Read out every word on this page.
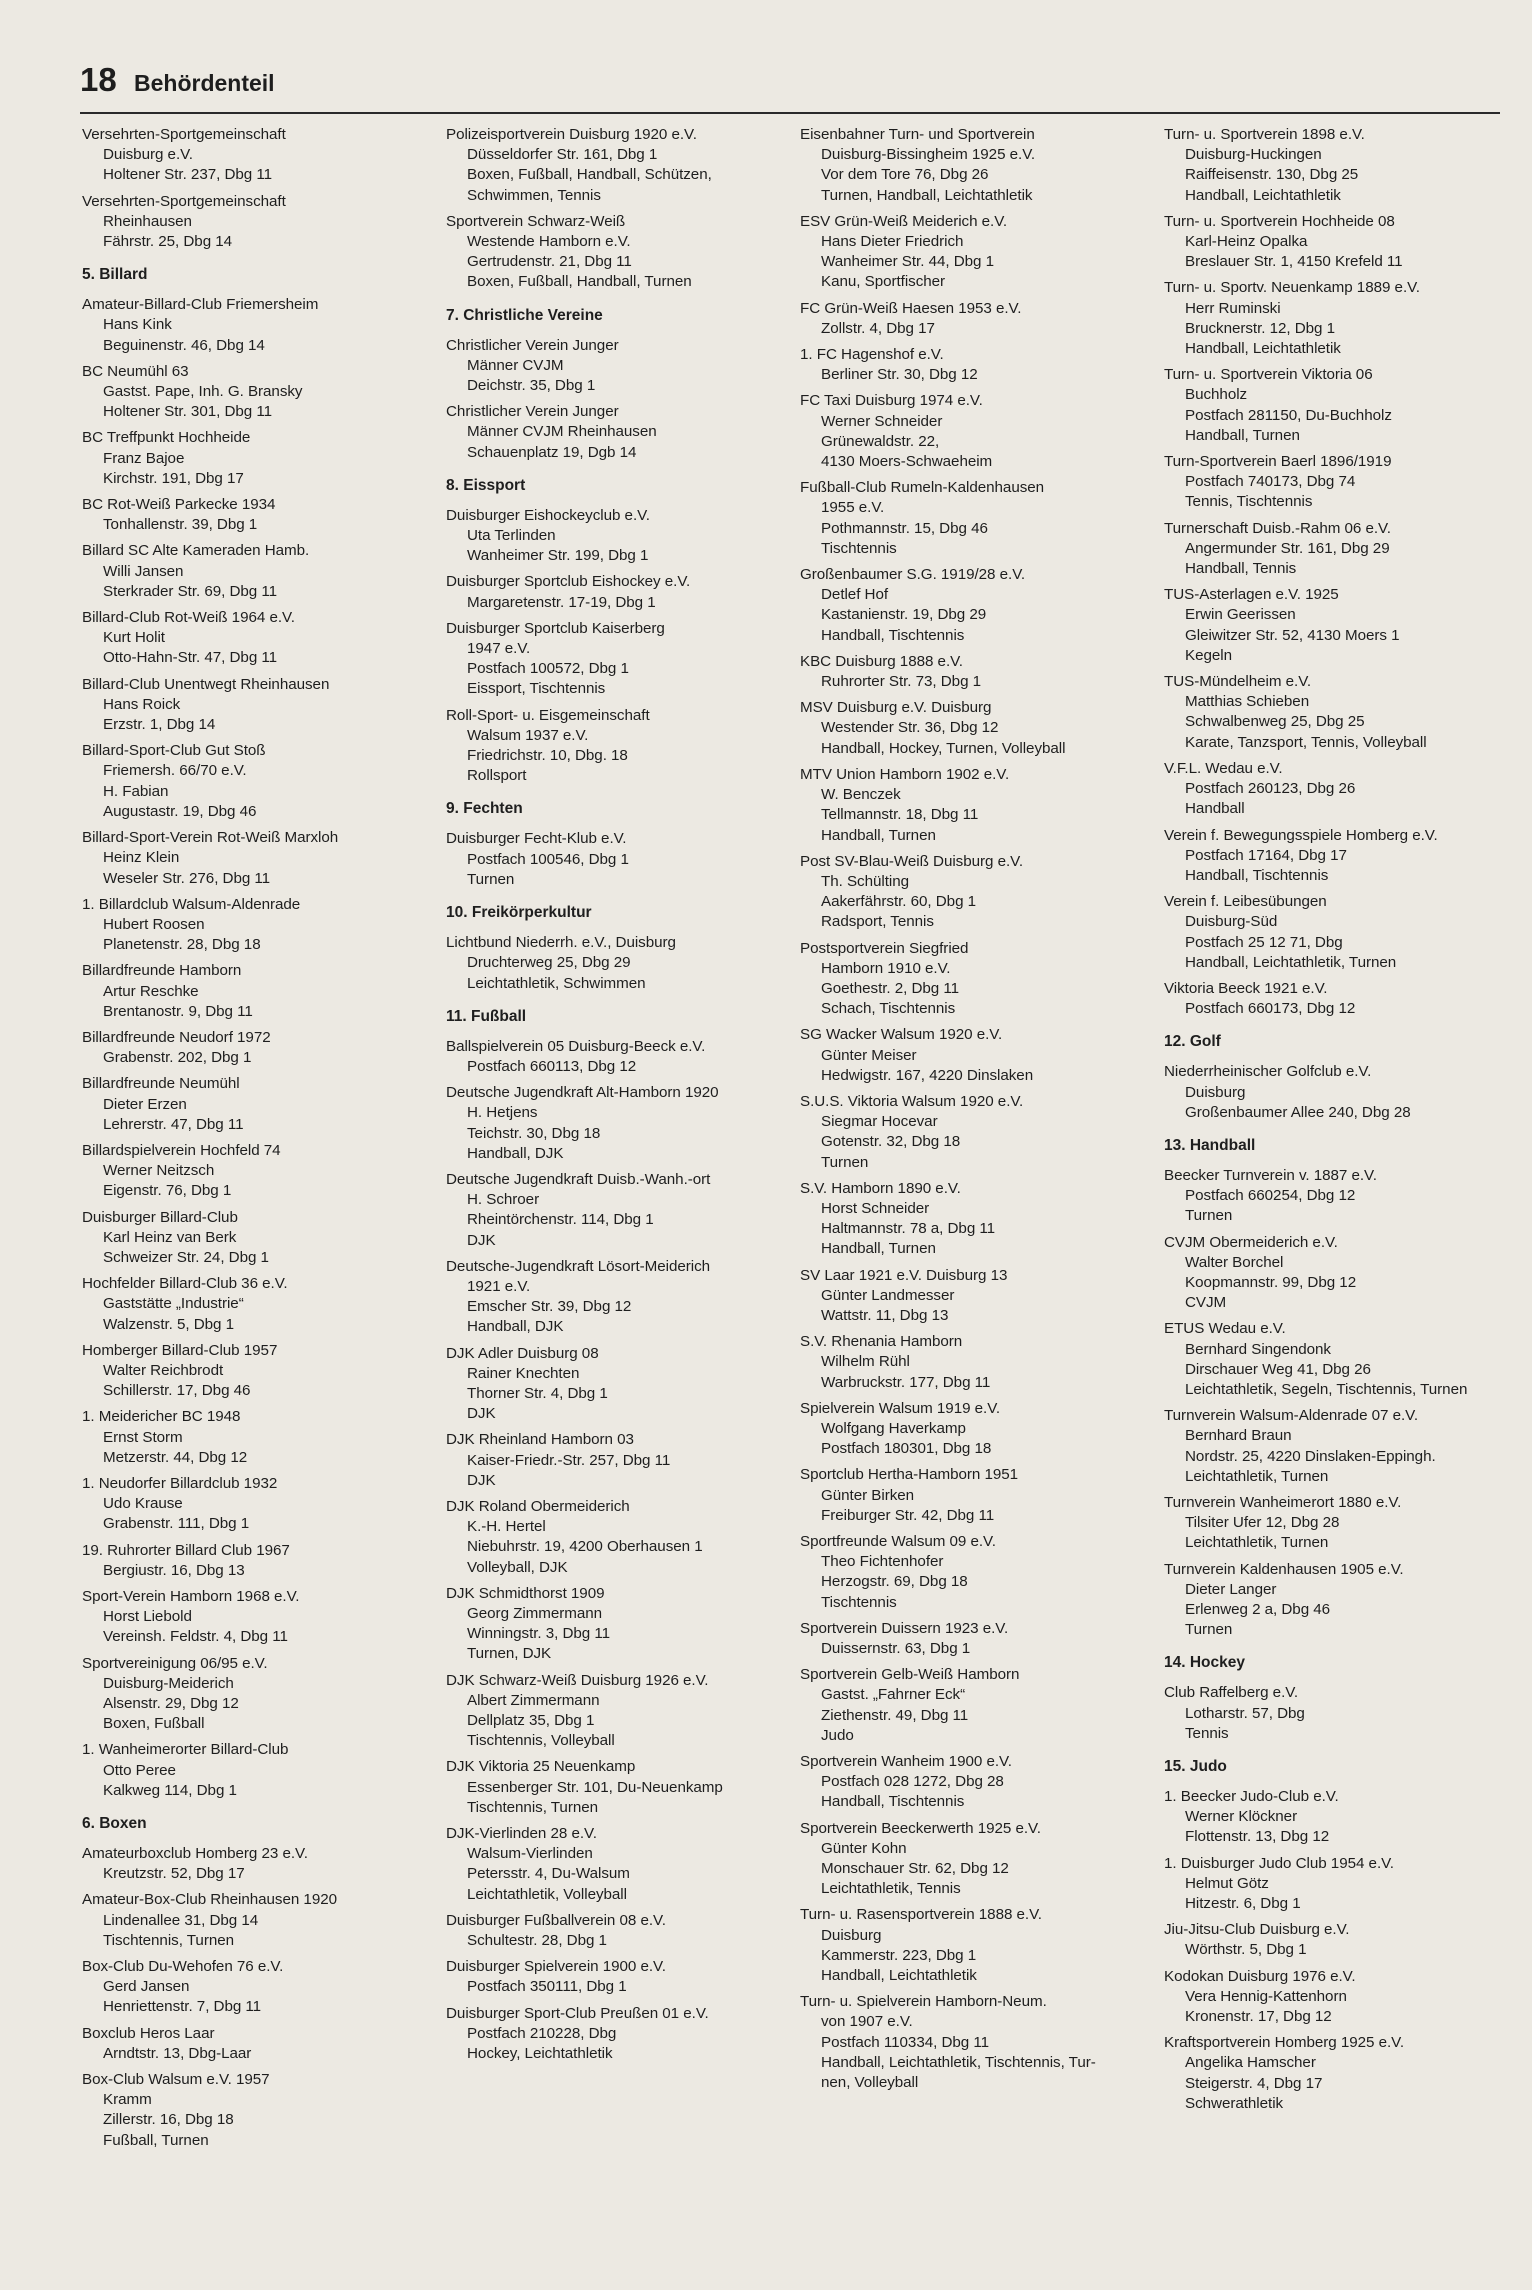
18 Behördenteil
Versehrten-Sportgemeinschaft
Duisburg e.V.
Holtener Str. 237, Dbg 11
Versehrten-Sportgemeinschaft
Rheinhausen
Fährstr. 25, Dbg 14
5. Billard
Amateur-Billard-Club Friemersheim
Hans Kink
Beguinenstr. 46, Dbg 14
BC Neumühl 63
Gastst. Pape, Inh. G. Bransky
Holtener Str. 301, Dbg 11
BC Treffpunkt Hochheide
Franz Bajoe
Kirchstr. 191, Dbg 17
BC Rot-Weiß Parkecke 1934
Tonhallenstr. 39, Dbg 1
Billard SC Alte Kameraden Hamb.
Willi Jansen
Sterkrader Str. 69, Dbg 11
Billard-Club Rot-Weiß 1964 e.V.
Kurt Holit
Otto-Hahn-Str. 47, Dbg 11
Billard-Club Unentwegt Rheinhausen
Hans Roick
Erzstr. 1, Dbg 14
Billard-Sport-Club Gut Stoß
Friemersh. 66/70 e.V.
H. Fabian
Augustastr. 19, Dbg 46
Billard-Sport-Verein Rot-Weiß Marxloh
Heinz Klein
Weseler Str. 276, Dbg 11
1. Billardclub Walsum-Aldenrade
Hubert Roosen
Planetenstr. 28, Dbg 18
Billardfreunde Hamborn
Artur Reschke
Brentanostr. 9, Dbg 11
Billardfreunde Neudorf 1972
Grabenstr. 202, Dbg 1
Billardfreunde Neumühl
Dieter Erzen
Lehrerstr. 47, Dbg 11
Billardspielverein Hochfeld 74
Werner Neitzsch
Eigenstr. 76, Dbg 1
Duisburger Billard-Club
Karl Heinz van Berk
Schweizer Str. 24, Dbg 1
Hochfelder Billard-Club 36 e.V.
Gaststätte „Industrie“
Walzenstr. 5, Dbg 1
Homberger Billard-Club 1957
Walter Reichbrodt
Schillerstr. 17, Dbg 46
1. Meidericher BC 1948
Ernst Storm
Metzerstr. 44, Dbg 12
1. Neudorfer Billardclub 1932
Udo Krause
Grabenstr. 111, Dbg 1
19. Ruhrorter Billard Club 1967
Bergiustr. 16, Dbg 13
Sport-Verein Hamborn 1968 e.V.
Horst Liebold
Vereinsh. Feldstr. 4, Dbg 11
Sportvereinigung 06/95 e.V.
Duisburg-Meiderich
Alsenstr. 29, Dbg 12
Boxen, Fußball
1. Wanheimerorter Billard-Club
Otto Peree
Kalkweg 114, Dbg 1
6. Boxen
Amateurboxclub Homberg 23 e.V.
Kreutzstr. 52, Dbg 17
Amateur-Box-Club Rheinhausen 1920
Lindenallee 31, Dbg 14
Tischtennis, Turnen
Box-Club Du-Wehofen 76 e.V.
Gerd Jansen
Henriettenstr. 7, Dbg 11
Boxclub Heros Laar
Arndtstr. 13, Dbg-Laar
Box-Club Walsum e.V. 1957
Kramm
Zillerstr. 16, Dbg 18
Fußball, Turnen
Polizeisportverein Duisburg 1920 e.V.
Düsseldorfer Str. 161, Dbg 1
Boxen, Fußball, Handball, Schützen,
Schwimmen, Tennis
Sportverein Schwarz-Weiß
Westende Hamborn e.V.
Gertrudenstr. 21, Dbg 11
Boxen, Fußball, Handball, Turnen
7. Christliche Vereine
Christlicher Verein Junger
Männer CVJM
Deichstr. 35, Dbg 1
Christlicher Verein Junger
Männer CVJM Rheinhausen
Schauenplatz 19, Dgb 14
8. Eissport
Duisburger Eishockeyclub e.V.
Uta Terlinden
Wanheimer Str. 199, Dbg 1
Duisburger Sportclub Eishockey e.V.
Margaretenstr. 17-19, Dbg 1
Duisburger Sportclub Kaiserberg
1947 e.V.
Postfach 100572, Dbg 1
Eissport, Tischtennis
Roll-Sport- u. Eisgemeinschaft
Walsum 1937 e.V.
Friedrichstr. 10, Dbg. 18
Rollsport
9. Fechten
Duisburger Fecht-Klub e.V.
Postfach 100546, Dbg 1
Turnen
10. Freikörperkultur
Lichtbund Niederrh. e.V., Duisburg
Druchterweg 25, Dbg 29
Leichtathletik, Schwimmen
11. Fußball
Ballspielverein 05 Duisburg-Beeck e.V.
Postfach 660113, Dbg 12
Deutsche Jugendkraft Alt-Hamborn 1920
H. Hetjens
Teichstr. 30, Dbg 18
Handball, DJK
Deutsche Jugendkraft Duisb.-Wanh.-ort
H. Schroer
Rheintörchenstr. 114, Dbg 1
DJK
Deutsche-Jugendkraft Lösort-Meiderich
1921 e.V.
Emscher Str. 39, Dbg 12
Handball, DJK
DJK Adler Duisburg 08
Rainer Knechten
Thorner Str. 4, Dbg 1
DJK
DJK Rheinland Hamborn 03
Kaiser-Friedr.-Str. 257, Dbg 11
DJK
DJK Roland Obermeiderich
K.-H. Hertel
Niebuhrstr. 19, 4200 Oberhausen 1
Volleyball, DJK
DJK Schmidthorst 1909
Georg Zimmermann
Winningstr. 3, Dbg 11
Turnen, DJK
DJK Schwarz-Weiß Duisburg 1926 e.V.
Albert Zimmermann
Dellplatz 35, Dbg 1
Tischtennis, Volleyball
DJK Viktoria 25 Neuenkamp
Essenberger Str. 101, Du-Neuenkamp
Tischtennis, Turnen
DJK-Vierlinden 28 e.V.
Walsum-Vierlinden
Petersstr. 4, Du-Walsum
Leichtathletik, Volleyball
Duisburger Fußballverein 08 e.V.
Schultestr. 28, Dbg 1
Duisburger Spielverein 1900 e.V.
Postfach 350111, Dbg 1
Duisburger Sport-Club Preußen 01 e.V.
Postfach 210228, Dbg
Hockey, Leichtathletik
Eisenbahner Turn- und Sportverein
Duisburg-Bissingheim 1925 e.V.
Vor dem Tore 76, Dbg 26
Turnen, Handball, Leichtathletik
ESV Grün-Weiß Meiderich e.V.
Hans Dieter Friedrich
Wanheimer Str. 44, Dbg 1
Kanu, Sportfischer
FC Grün-Weiß Haesen 1953 e.V.
Zollstr. 4, Dbg 17
1. FC Hagenshof e.V.
Berliner Str. 30, Dbg 12
FC Taxi Duisburg 1974 e.V.
Werner Schneider
Grünewaldstr. 22,
4130 Moers-Schwaeheim
Fußball-Club Rumeln-Kaldenhausen
1955 e.V.
Pothmannstr. 15, Dbg 46
Tischtennis
Großenbaumer S.G. 1919/28 e.V.
Detlef Hof
Kastanienstr. 19, Dbg 29
Handball, Tischtennis
KBC Duisburg 1888 e.V.
Ruhrorter Str. 73, Dbg 1
MSV Duisburg e.V. Duisburg
Westender Str. 36, Dbg 12
Handball, Hockey, Turnen, Volleyball
MTV Union Hamborn 1902 e.V.
W. Benczek
Tellmannstr. 18, Dbg 11
Handball, Turnen
Post SV-Blau-Weiß Duisburg e.V.
Th. Schülting
Aakerfährstr. 60, Dbg 1
Radsport, Tennis
Postsportverein Siegfried
Hamborn 1910 e.V.
Goethestr. 2, Dbg 11
Schach, Tischtennis
SG Wacker Walsum 1920 e.V.
Günter Meiser
Hedwigstr. 167, 4220 Dinslaken
S.U.S. Viktoria Walsum 1920 e.V.
Siegmar Hocevar
Gotenstr. 32, Dbg 18
Turnen
S.V. Hamborn 1890 e.V.
Horst Schneider
Haltmannstr. 78 a, Dbg 11
Handball, Turnen
SV Laar 1921 e.V. Duisburg 13
Günter Landmesser
Wattstr. 11, Dbg 13
S.V. Rhenania Hamborn
Wilhelm Rühl
Warbruckstr. 177, Dbg 11
Spielverein Walsum 1919 e.V.
Wolfgang Haverkamp
Postfach 180301, Dbg 18
Sportclub Hertha-Hamborn 1951
Günter Birken
Freiburger Str. 42, Dbg 11
Sportfreunde Walsum 09 e.V.
Theo Fichtenhofer
Herzogstr. 69, Dbg 18
Tischtennis
Sportverein Duissern 1923 e.V.
Duissernstr. 63, Dbg 1
Sportverein Gelb-Weiß Hamborn
Gastst. „Fahrner Eck“
Ziethenstr. 49, Dbg 11
Judo
Sportverein Wanheim 1900 e.V.
Postfach 028 1272, Dbg 28
Handball, Tischtennis
Sportverein Beeckerwerth 1925 e.V.
Günter Kohn
Monschauer Str. 62, Dbg 12
Leichtathletik, Tennis
Turn- u. Rasensportverein 1888 e.V.
Duisburg
Kammerstr. 223, Dbg 1
Handball, Leichtathletik
Turn- u. Spielverein Hamborn-Neum.
von 1907 e.V.
Postfach 110334, Dbg 11
Handball, Leichtathletik, Tischtennis, Tur-
nen, Volleyball
Turn- u. Sportverein 1898 e.V.
Duisburg-Huckingen
Raiffeisenstr. 130, Dbg 25
Handball, Leichtathletik
Turn- u. Sportverein Hochheide 08
Karl-Heinz Opalka
Breslauer Str. 1, 4150 Krefeld 11
Turn- u. Sportv. Neuenkamp 1889 e.V.
Herr Ruminski
Brucknerstr. 12, Dbg 1
Handball, Leichtathletik
Turn- u. Sportverein Viktoria 06
Buchholz
Postfach 281150, Du-Buchholz
Handball, Turnen
Turn-Sportverein Baerl 1896/1919
Postfach 740173, Dbg 74
Tennis, Tischtennis
Turnerschaft Duisb.-Rahm 06 e.V.
Angermunder Str. 161, Dbg 29
Handball, Tennis
TUS-Asterlagen e.V. 1925
Erwin Geerissen
Gleiwitzer Str. 52, 4130 Moers 1
Kegeln
TUS-Mündelheim e.V.
Matthias Schieben
Schwalbenweg 25, Dbg 25
Karate, Tanzsport, Tennis, Volleyball
V.F.L. Wedau e.V.
Postfach 260123, Dbg 26
Handball
Verein f. Bewegungsspiele Homberg e.V.
Postfach 17164, Dbg 17
Handball, Tischtennis
Verein f. Leibesübungen
Duisburg-Süd
Postfach 25 12 71, Dbg
Handball, Leichtathletik, Turnen
Viktoria Beeck 1921 e.V.
Postfach 660173, Dbg 12
12. Golf
Niederrheinischer Golfclub e.V.
Duisburg
Großenbaumer Allee 240, Dbg 28
13. Handball
Beecker Turnverein v. 1887 e.V.
Postfach 660254, Dbg 12
Turnen
CVJM Obermeiderich e.V.
Walter Borchel
Koopmannstr. 99, Dbg 12
CVJM
ETUS Wedau e.V.
Bernhard Singendonk
Dirschauer Weg 41, Dbg 26
Leichtathletik, Segeln, Tischtennis, Turnen
Turnverein Walsum-Aldenrade 07 e.V.
Bernhard Braun
Nordstr. 25, 4220 Dinslaken-Eppingh.
Leichtathletik, Turnen
Turnverein Wanheimerort 1880 e.V.
Tilsiter Ufer 12, Dbg 28
Leichtathletik, Turnen
Turnverein Kaldenhausen 1905 e.V.
Dieter Langer
Erlenweg 2 a, Dbg 46
Turnen
14. Hockey
Club Raffelberg e.V.
Lotharstr. 57, Dbg
Tennis
15. Judo
1. Beecker Judo-Club e.V.
Werner Klöckner
Flottenstr. 13, Dbg 12
1. Duisburger Judo Club 1954 e.V.
Helmut Götz
Hitzestr. 6, Dbg 1
Jiu-Jitsu-Club Duisburg e.V.
Wörthstr. 5, Dbg 1
Kodokan Duisburg 1976 e.V.
Vera Hennig-Kattenhorn
Kronenstr. 17, Dbg 12
Kraftsportverein Homberg 1925 e.V.
Angelika Hamscher
Steigerstr. 4, Dbg 17
Schwerathletik
